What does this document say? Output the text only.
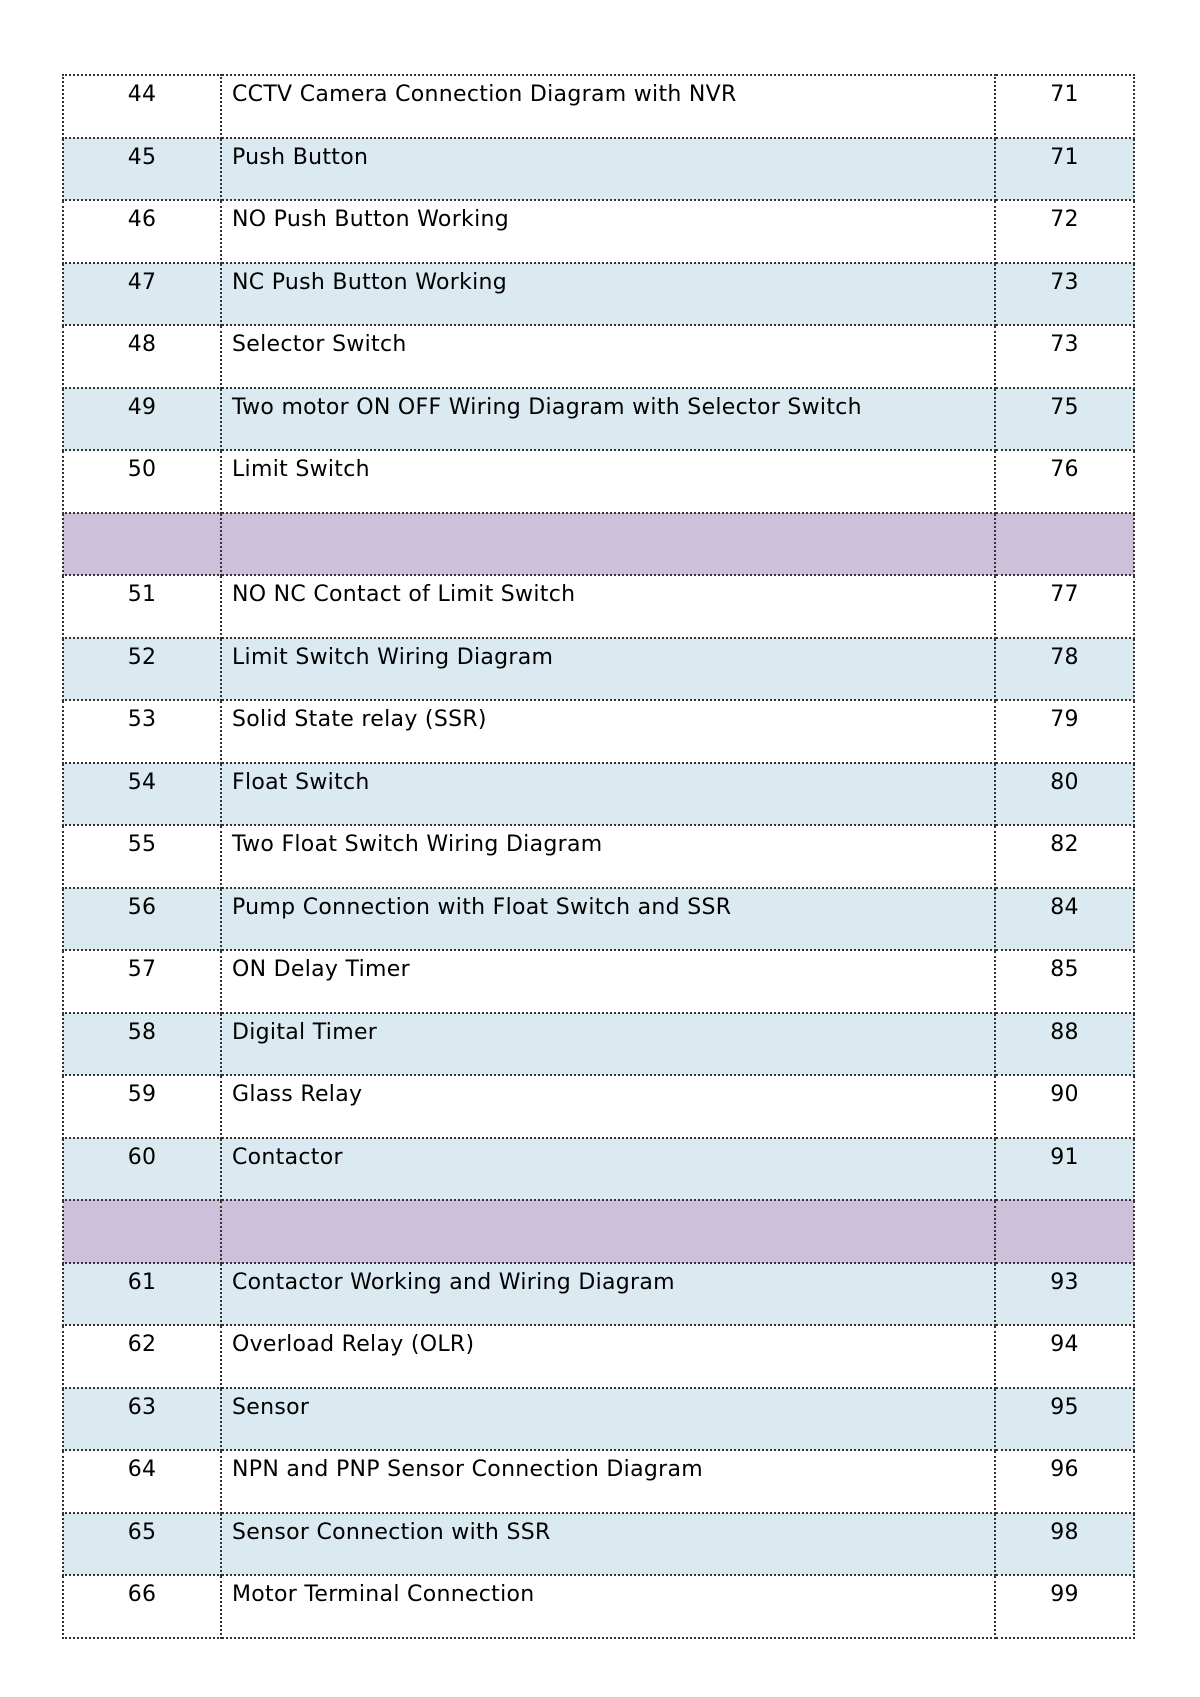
44	CCTV Camera Connection Diagram with NVR	71

45	Push Button	71

46	NO Push Button Working	72

47	NC Push Button Working	73

48	Selector Switch	73

49	Two motor ON OFF Wiring Diagram with Selector Switch	75

50	Limit Switch	76

51	NO NC Contact of Limit Switch	77

52	Limit Switch Wiring Diagram	78

53	Solid State relay (SSR)	79

54	Float Switch	80

55	Two Float Switch Wiring Diagram	82

56	Pump Connection with Float Switch and SSR	84

57	ON Delay Timer	85

58	Digital Timer	88

59	Glass Relay	90

60	Contactor	91

61	Contactor Working and Wiring Diagram	93

62	Overload Relay (OLR)	94

63	Sensor	95

64	NPN and PNP Sensor Connection Diagram	96

65	Sensor Connection with SSR	98

66	Motor Terminal Connection	99
